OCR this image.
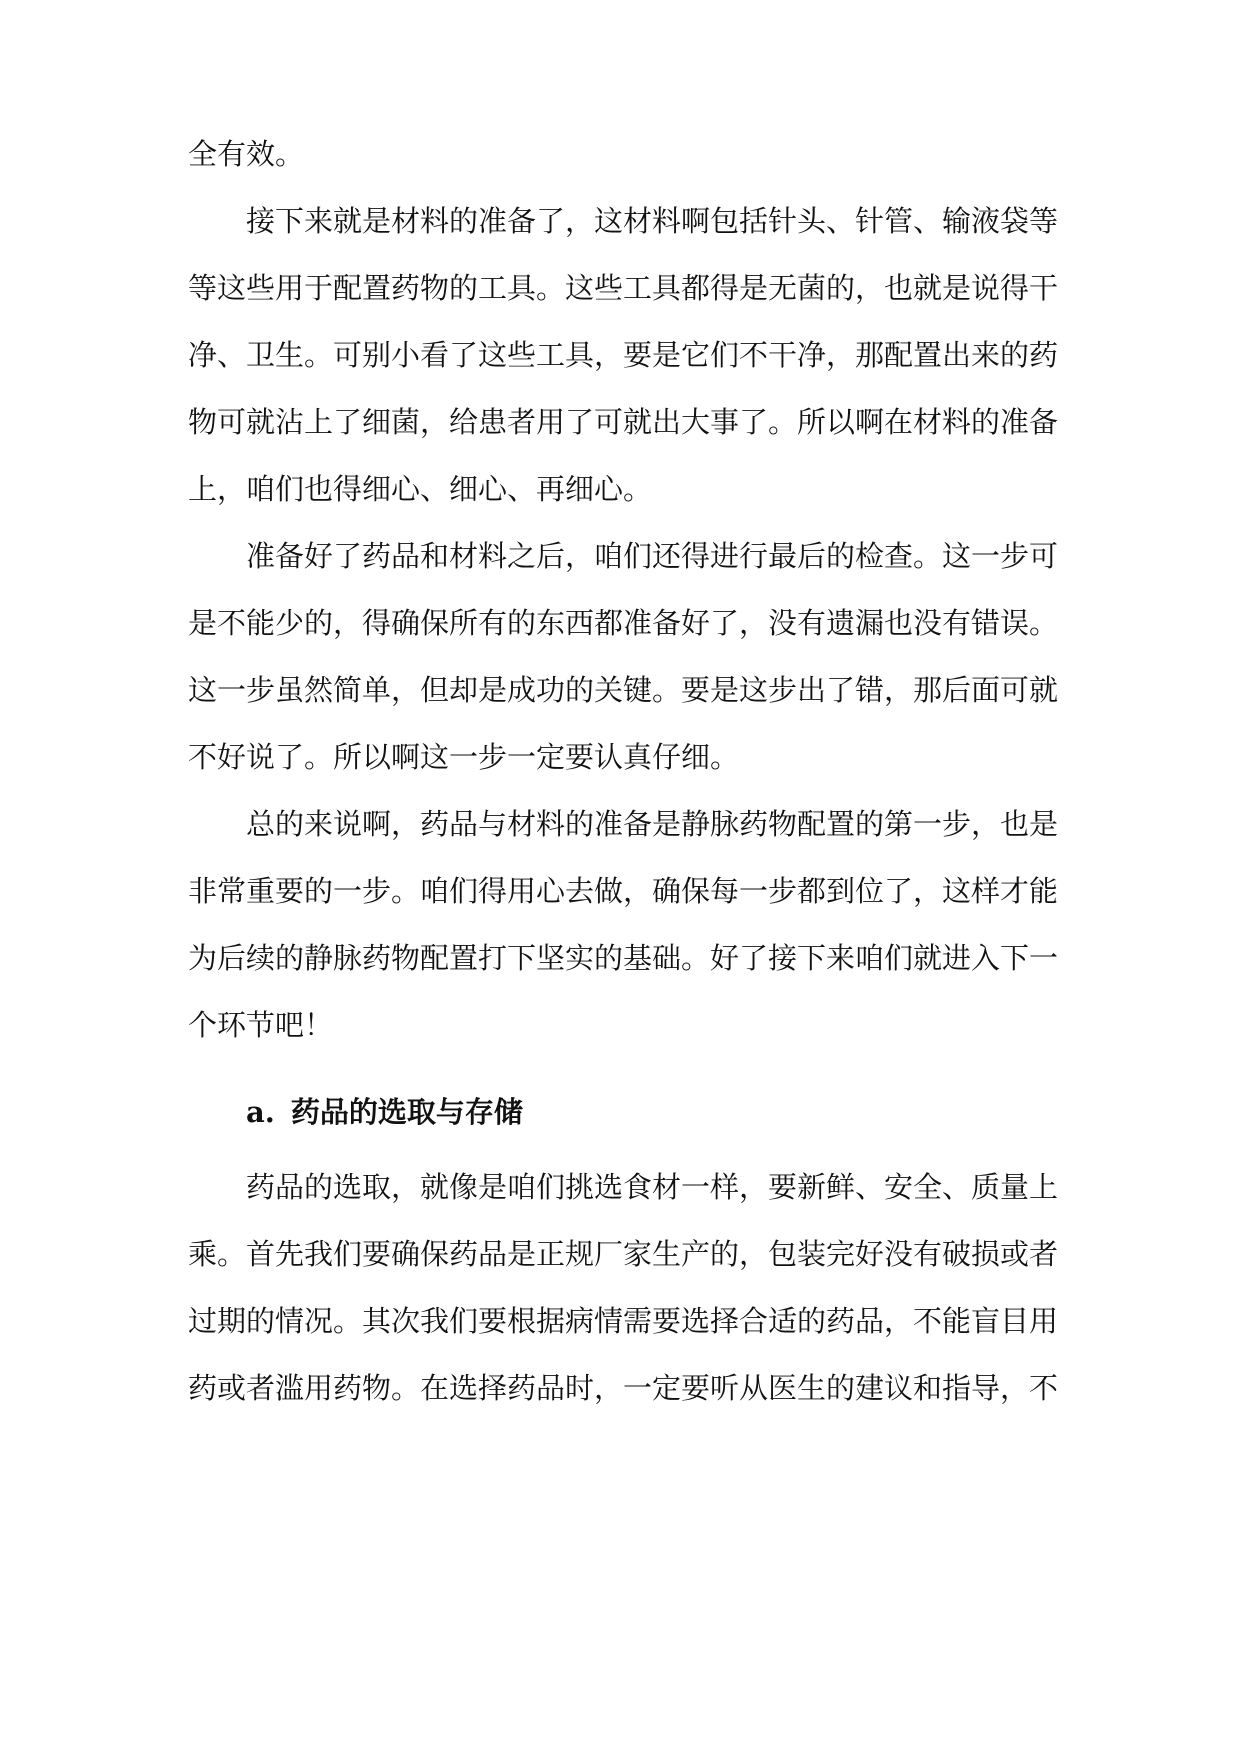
全有效。
接下来就是材料的准备了，这材料啊包括针头、针管、输液袋等
等这些用于配置药物的工具。这些工具都得是无菌的，也就是说得干
净、卫生。可别小看了这些工具，要是它们不干净，那配置出来的药
物可就沾上了细菌，给患者用了可就出大事了。所以啊在材料的准备
上，咱们也得细心、细心、再细心。
准备好了药品和材料之后，咱们还得进行最后的检查。这一步可
是不能少的，得确保所有的东西都准备好了，没有遗漏也没有错误。
这一步虽然简单，但却是成功的关键。要是这步出了错，那后面可就
不好说了。所以啊这一步一定要认真仔细。
总的来说啊，药品与材料的准备是静脉药物配置的第一步，也是
非常重要的一步。咱们得用心去做，确保每一步都到位了，这样才能
为后续的静脉药物配置打下坚实的基础。好了接下来咱们就进入下一
个环节吧！
a. 药品的选取与存储
药品的选取，就像是咱们挑选食材一样，要新鲜、安全、质量上
乘。首先我们要确保药品是正规厂家生产的，包装完好没有破损或者
过期的情况。其次我们要根据病情需要选择合适的药品，不能盲目用
药或者滥用药物。在选择药品时，一定要听从医生的建议和指导，不
